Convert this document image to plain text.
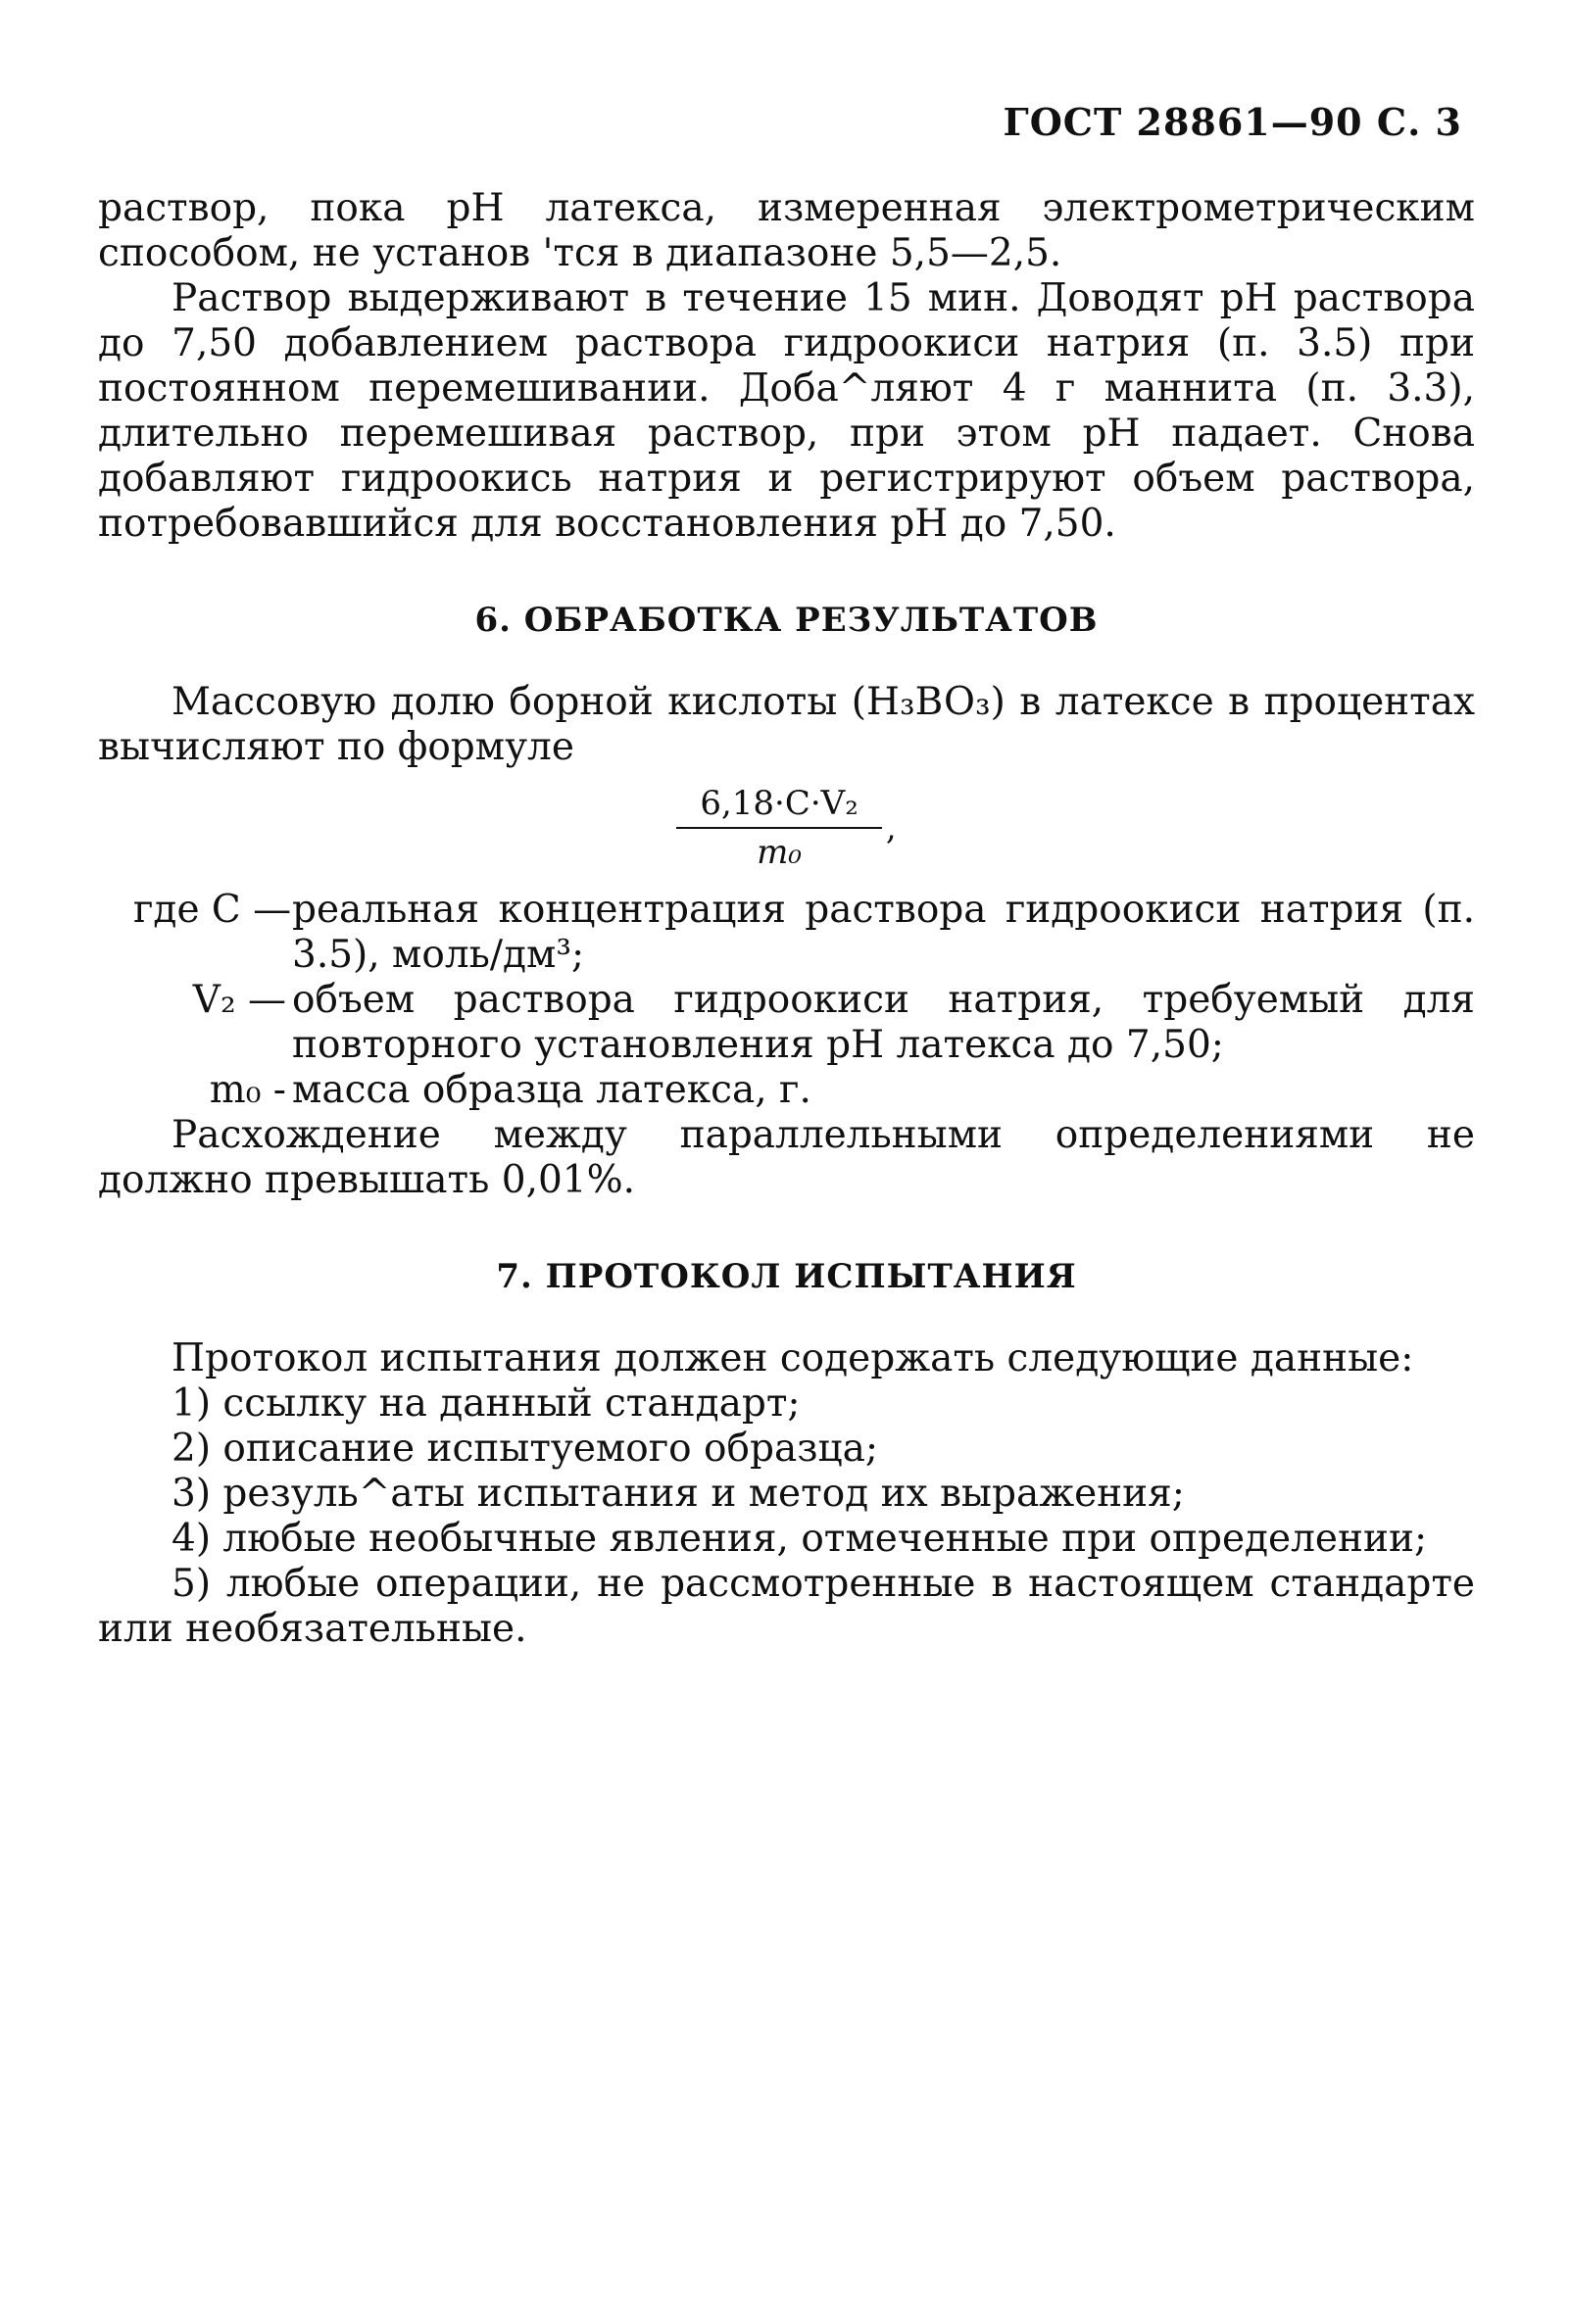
ГОСТ 28861—90 С. 3

раствор, пока рН латекса, измеренная электрометрическим способом, не установ 'тся в диапазоне 5,5—2,5.

Раствор выдерживают в течение 15 мин. Доводят рН раствора до 7,50 добавлением раствора гидроокиси натрия (п. 3.5) при постоянном перемешивании. Доба^ляют 4 г маннита (п. 3.3), длительно перемешивая раствор, при этом рН падает. Снова добавляют гидроокись натрия и регистрируют объем раствора, потребовавшийся для восстановления рН до 7,50.

6. ОБРАБОТКА РЕЗУЛЬТАТОВ

Массовую долю борной кислоты (H₃BO₃) в латексе в процентах вычисляют по формуле

$\frac{\text{6,18·C·V₂}}{\text{m₀}}$ ,
где C — реальная концентрация раствора гидроокиси натрия (п. 3.5), моль/дм³;
V₂ — объем раствора гидроокиси натрия, требуемый для повторного установления рН латекса до 7,50;
m₀ - масса образца латекса, г.

Расхождение между параллельными определениями не должно превышать 0,01%.

7. ПРОТОКОЛ ИСПЫТАНИЯ

Протокол испытания должен содержать следующие данные:

1) ссылку на данный стандарт;

2) описание испытуемого образца;

3) резуль^аты испытания и метод их выражения;

4) любые необычные явления, отмеченные при определении;

5) любые операции, не рассмотренные в настоящем стандарте или необязательные.
